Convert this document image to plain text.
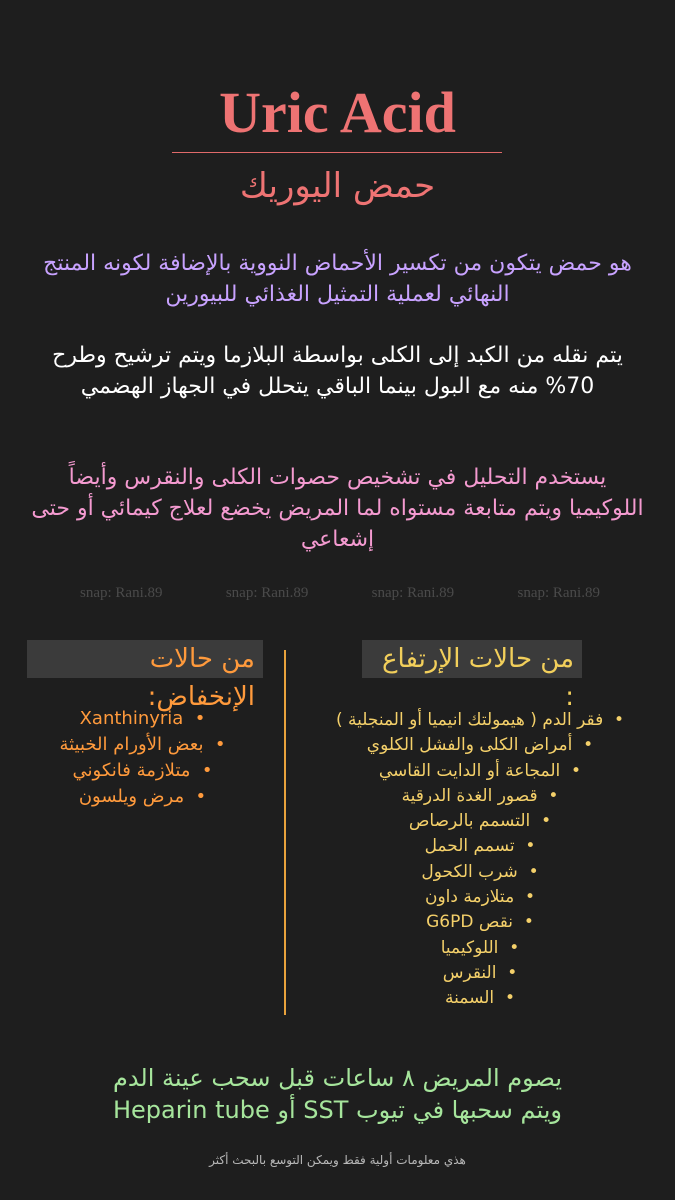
Uric Acid
حمض اليوريك
هو حمض يتكون من تكسير الأحماض النووية بالإضافة لكونه المنتج النهائي لعملية التمثيل الغذائي للبيورين
يتم نقله من الكبد إلى الكلى بواسطة البلازما ويتم ترشيح وطرح 70% منه مع البول بينما الباقي يتحلل في الجهاز الهضمي
يستخدم التحليل في تشخيص حصوات الكلى والنقرس وأيضاً اللوكيميا ويتم متابعة مستواه لما المريض يخضع لعلاج كيمائي أو حتى إشعاعي
snap: Rani.89	snap: Rani.89	snap: Rani.89	snap: Rani.89
من حالات الإنخفاض:
من حالات الإرتفاع :
•  Xanthinyria
•  بعض الأورام الخبيثة
•  متلازمة فانكوني
•  مرض ويلسون
•  فقر الدم ( هيمولتك انيميا أو المنجلية )
•  أمراض الكلى والفشل الكلوي
•  المجاعة أو الدايت القاسي
•  قصور الغدة الدرقية
•  التسمم بالرصاص
•  تسمم الحمل
•  شرب الكحول
•  متلازمة داون
•  نقص G6PD
•  اللوكيميا
•  النقرس
•  السمنة
يصوم المريض ٨ ساعات قبل سحب عينة الدم
ويتم سحبها في تيوب SST أو Heparin tube
هذي معلومات أولية فقط ويمكن التوسع بالبحث أكثر
